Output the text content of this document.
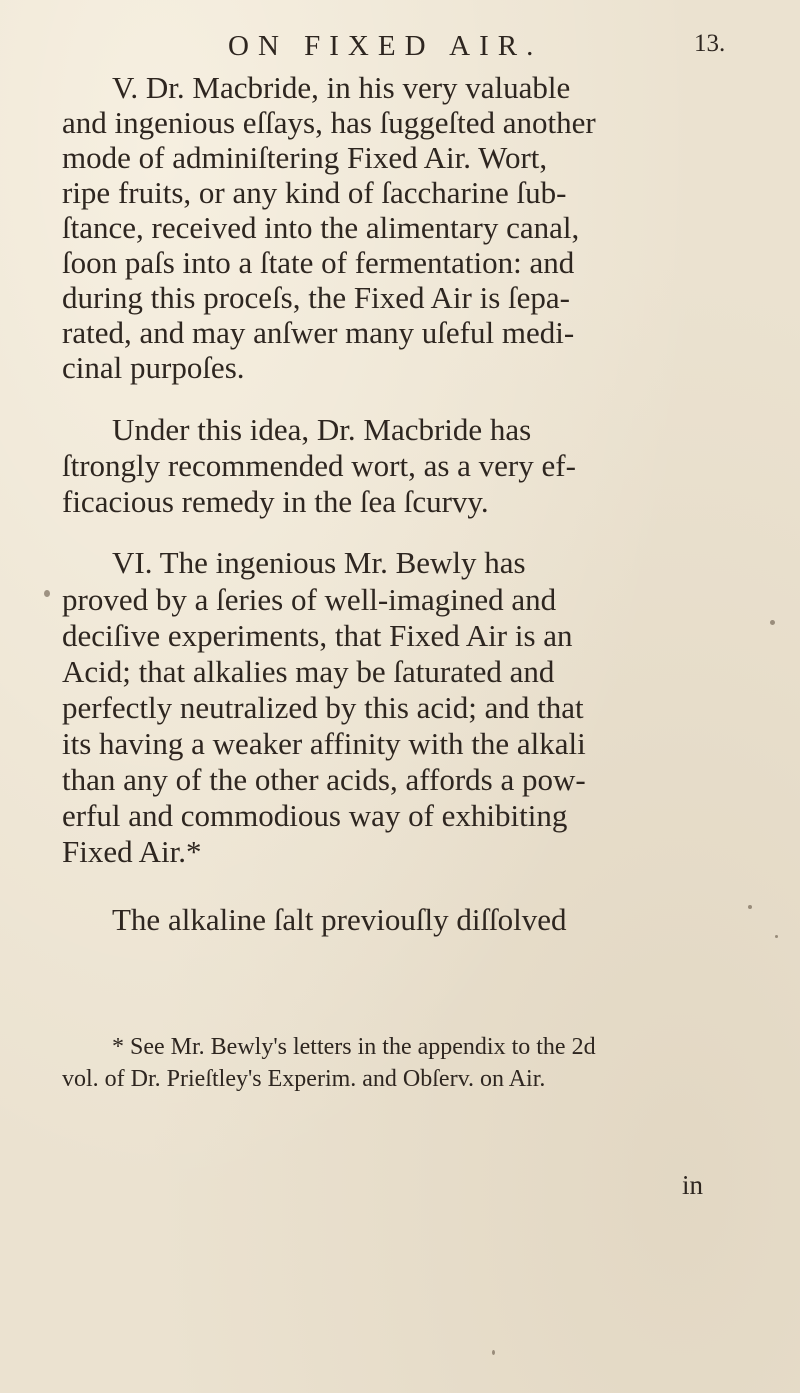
ON FIXED AIR.	13.
V. Dr. Macbride, in his very valuable
and ingenious eſſays, has ſuggeſted another
mode of adminiſtering Fixed Air. Wort,
ripe fruits, or any kind of ſaccharine ſub-
ſtance, received into the alimentary canal,
ſoon paſs into a ſtate of fermentation: and
during this proceſs, the Fixed Air is ſepa-
rated, and may anſwer many uſeful medi-
cinal purpoſes.
Under this idea, Dr. Macbride has
ſtrongly recommended wort, as a very ef-
ficacious remedy in the ſea ſcurvy.
VI. The ingenious Mr. Bewly has
proved by a ſeries of well-imagined and
deciſive experiments, that Fixed Air is an
Acid; that alkalies may be ſaturated and
perfectly neutralized by this acid; and that
its having a weaker affinity with the alkali
than any of the other acids, affords a pow-
erful and commodious way of exhibiting
Fixed Air.*
The alkaline ſalt previouſly diſſolved
in
* See Mr. Bewly's letters in the appendix to the 2d
vol. of Dr. Prieſtley's Experim. and Obſerv. on Air.
